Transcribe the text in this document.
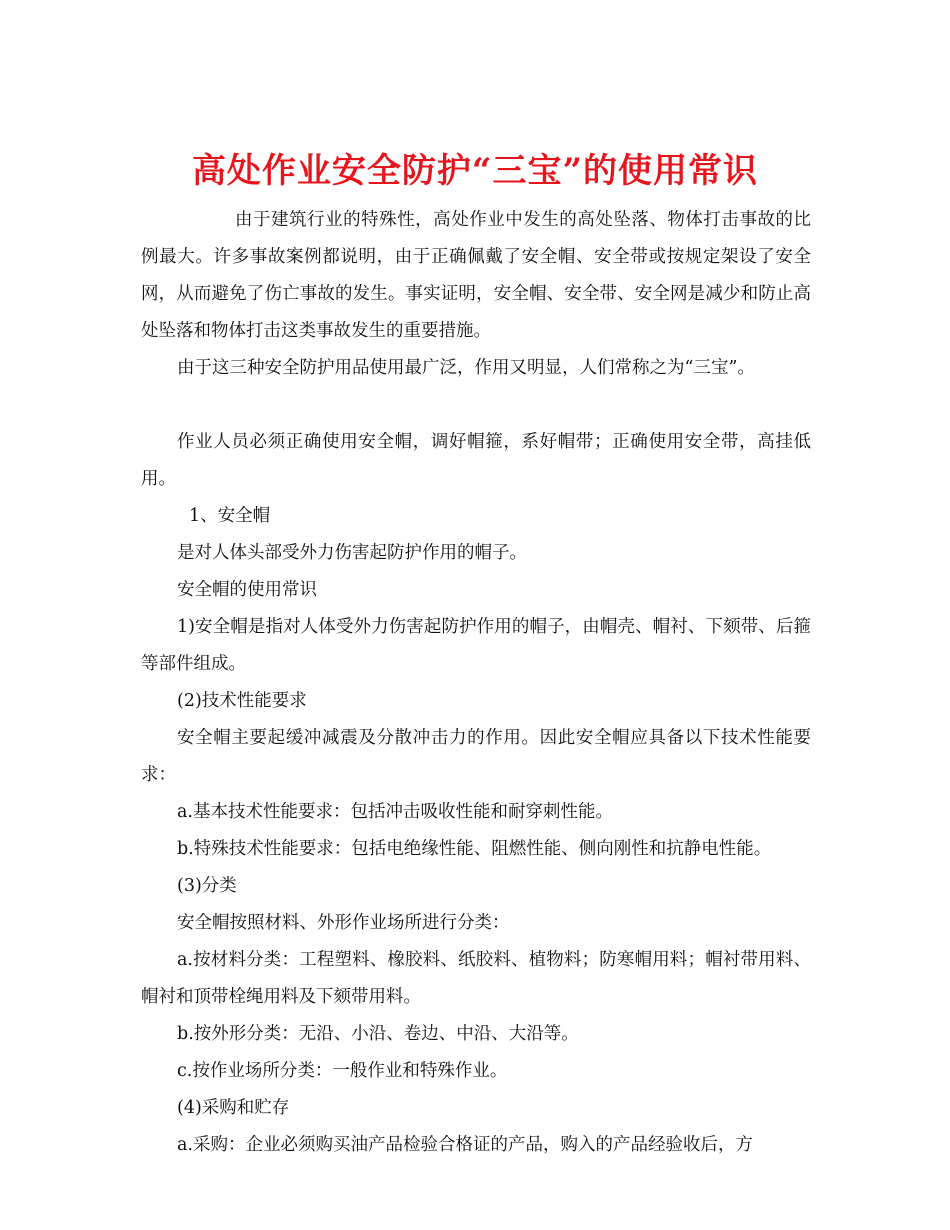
高处作业安全防护“三宝”的使用常识

由于建筑行业的特殊性，高处作业中发生的高处坠落、物体打击事故的比例最大。许多事故案例都说明，由于正确佩戴了安全帽、安全带或按规定架设了安全网，从而避免了伤亡事故的发生。事实证明，安全帽、安全带、安全网是减少和防止高处坠落和物体打击这类事故发生的重要措施。

由于这三种安全防护用品使用最广泛，作用又明显，人们常称之为“三宝”。

作业人员必须正确使用安全帽，调好帽箍，系好帽带；正确使用安全带，高挂低用。

1、安全帽

是对人体头部受外力伤害起防护作用的帽子。

安全帽的使用常识

1)安全帽是指对人体受外力伤害起防护作用的帽子，由帽壳、帽衬、下颏带、后箍等部件组成。

(2)技术性能要求

安全帽主要起缓冲减震及分散冲击力的作用。因此安全帽应具备以下技术性能要求：

a.基本技术性能要求：包括冲击吸收性能和耐穿刺性能。

b.特殊技术性能要求：包括电绝缘性能、阻燃性能、侧向刚性和抗静电性能。

(3)分类

安全帽按照材料、外形作业场所进行分类：

a.按材料分类：工程塑料、橡胶料、纸胶料、植物料；防寒帽用料；帽衬带用料、帽衬和顶带栓绳用料及下颏带用料。

b.按外形分类：无沿、小沿、卷边、中沿、大沿等。

c.按作业场所分类：一般作业和特殊作业。

(4)采购和贮存

a.采购：企业必须购买油产品检验合格证的产品，购入的产品经验收后，方
